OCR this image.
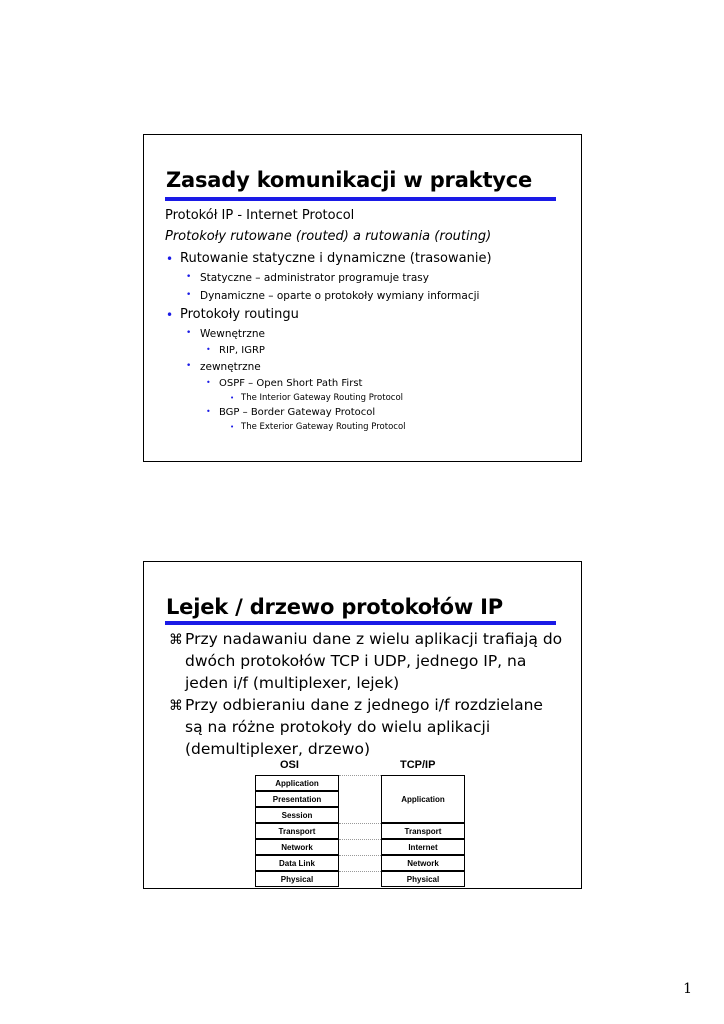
Zasady komunikacji w praktyce
Protokół IP - Internet Protocol
Protokoły rutowane (routed) a rutowania (routing)
• Rutowanie statyczne i dynamiczne (trasowanie)
• Statyczne – administrator programuje trasy
• Dynamiczne – oparte o protokoły wymiany informacji
• Protokoły routingu
• Wewnętrzne
• RIP, IGRP
• zewnętrzne
• OSPF – Open Short Path First
• The Interior Gateway Routing Protocol
• BGP – Border Gateway Protocol
• The Exterior Gateway Routing Protocol
Lejek / drzewo protokołów IP
⌘ Przy nadawaniu dane z wielu aplikacji trafiają do
dwóch protokołów TCP i UDP, jednego IP, na
jeden i/f (multiplexer, lejek)
⌘ Przy odbieraniu dane z jednego i/f rozdzielane
są na różne protokoły do wielu aplikacji
(demultiplexer, drzewo)
OSI	TCP/IP
Application
Presentation
Session
Transport
Network
Data Link
Physical
Application
Transport
Internet
Network
Physical
1
